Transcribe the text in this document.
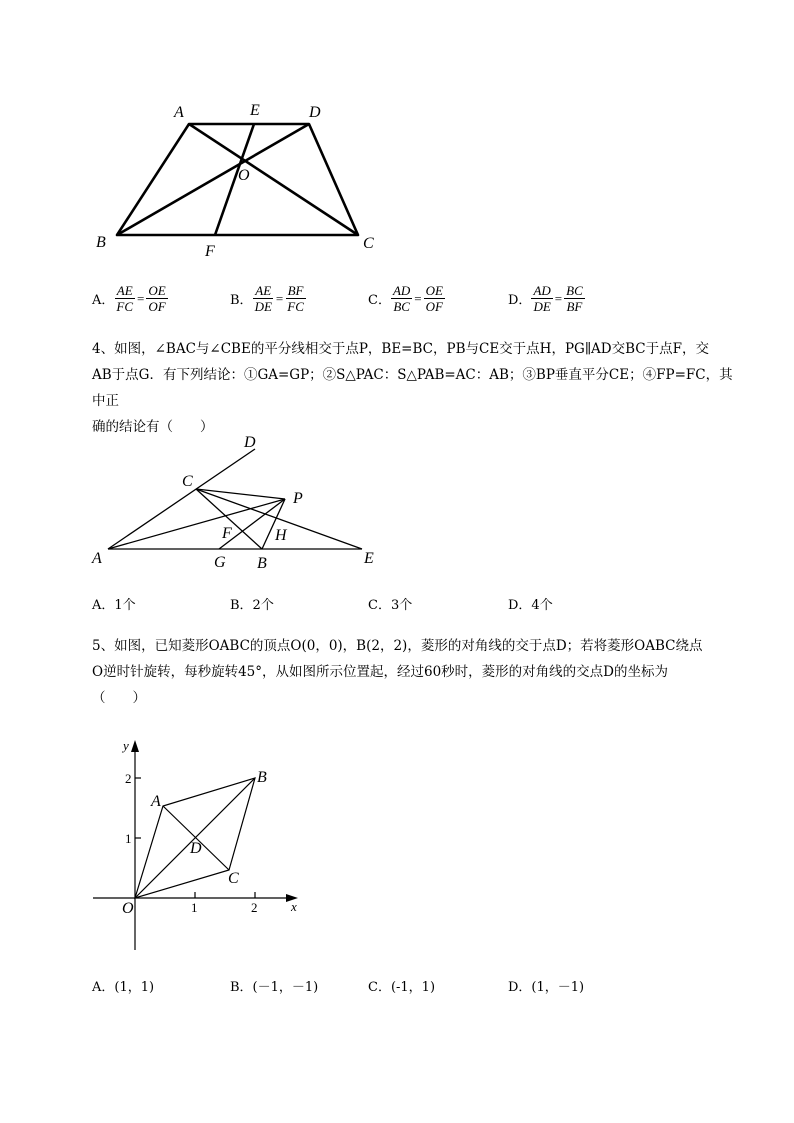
A	E	D
O
B
F	C
A． $\frac{AE}{FC} = \frac{OE}{OF}$	B． $\frac{AE}{DE} = \frac{BF}{FC}$	C． $\frac{AD}{BC} = \frac{OE}{OF}$	D． $\frac{AD}{DE} = \frac{BC}{BF}$
4、如图，∠BAC与∠CBE的平分线相交于点P，BE=BC，PB与CE交于点H，PG∥AD交BC于点F，交
AB于点G．有下列结论：①GA=GP；②S△PAC：S△PAB=AC：AB；③BP垂直平分CE；④FP=FC，其中正
确的结论有（　　）
D
C
P
F	H
A	G B	E
A．1个	B．2个	C．3个	D．4个
5、如图，已知菱形OABC的顶点O(0，0)，B(2，2)，菱形的对角线的交于点D；若将菱形OABC绕点
O逆时针旋转，每秒旋转45°，从如图所示位置起，经过60秒时，菱形的对角线的交点D的坐标为
（　　）
y
x
O	1	2
1
2
A
B
C
D
A．(1，1)	B．(－1，－1)	C．(-1，1)	D．(1，－1)
